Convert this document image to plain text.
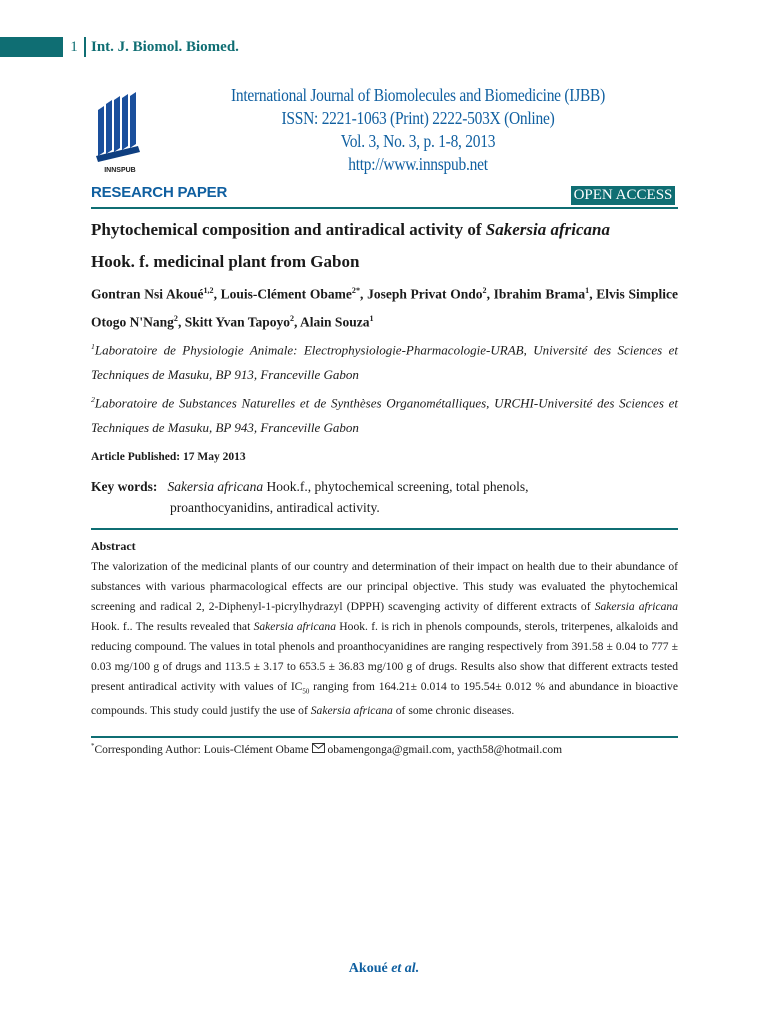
1 Int. J. Biomol. Biomed.
INNSPUB
International Journal of Biomolecules and Biomedicine (IJBB)
ISSN: 2221-1063 (Print) 2222-503X (Online)
Vol. 3, No. 3, p. 1-8, 2013
http://www.innspub.net
RESEARCH PAPER	OPEN ACCESS
Phytochemical composition and antiradical activity of Sakersia africana
Hook. f. medicinal plant from Gabon
Gontran Nsi Akoué$^{1,2}$, Louis-Clément Obame$^{2*}$, Joseph Privat Ondo$^2$, Ibrahim Brama$^1$, Elvis Simplice Otogo N'Nang$^2$, Skitt Yvan Tapoyo$^2$, Alain Souza$^1$
$^1$Laboratoire de Physiologie Animale: Electrophysiologie-Pharmacologie-URAB, Université des Sciences et Techniques de Masuku, BP 913, Franceville Gabon
$^2$Laboratoire de Substances Naturelles et de Synthèses Organométalliques, URCHI-Université des Sciences et Techniques de Masuku, BP 943, Franceville Gabon
Article Published: 17 May 2013
Key words: Sakersia africana Hook.f., phytochemical screening, total phenols,
proanthocyanidins, antiradical activity.
Abstract
The valorization of the medicinal plants of our country and determination of their impact on health due to their abundance of substances with various pharmacological effects are our principal objective. This study was evaluated the phytochemical screening and radical 2, 2-Diphenyl-1-picrylhydrazyl (DPPH) scavenging activity of different extracts of Sakersia africana Hook. f.. The results revealed that Sakersia africana Hook. f. is rich in phenols compounds, sterols, triterpenes, alkaloids and reducing compound. The values in total phenols and proanthocyanidines are ranging respectively from 391.58 ± 0.04 to 777 ± 0.03 mg/100 g of drugs and 113.5 ± 3.17 to 653.5 ± 36.83 mg/100 g of drugs. Results also show that different extracts tested present antiradical activity with values of $IC_{50}$ ranging from 164.21± 0.014 to 195.54± 0.012 % and abundance in bioactive compounds. This study could justify the use of Sakersia africana of some chronic diseases.
*Corresponding Author: Louis-Clément Obame obamengonga@gmail.com, yacth58@hotmail.com
Akoué et al.
